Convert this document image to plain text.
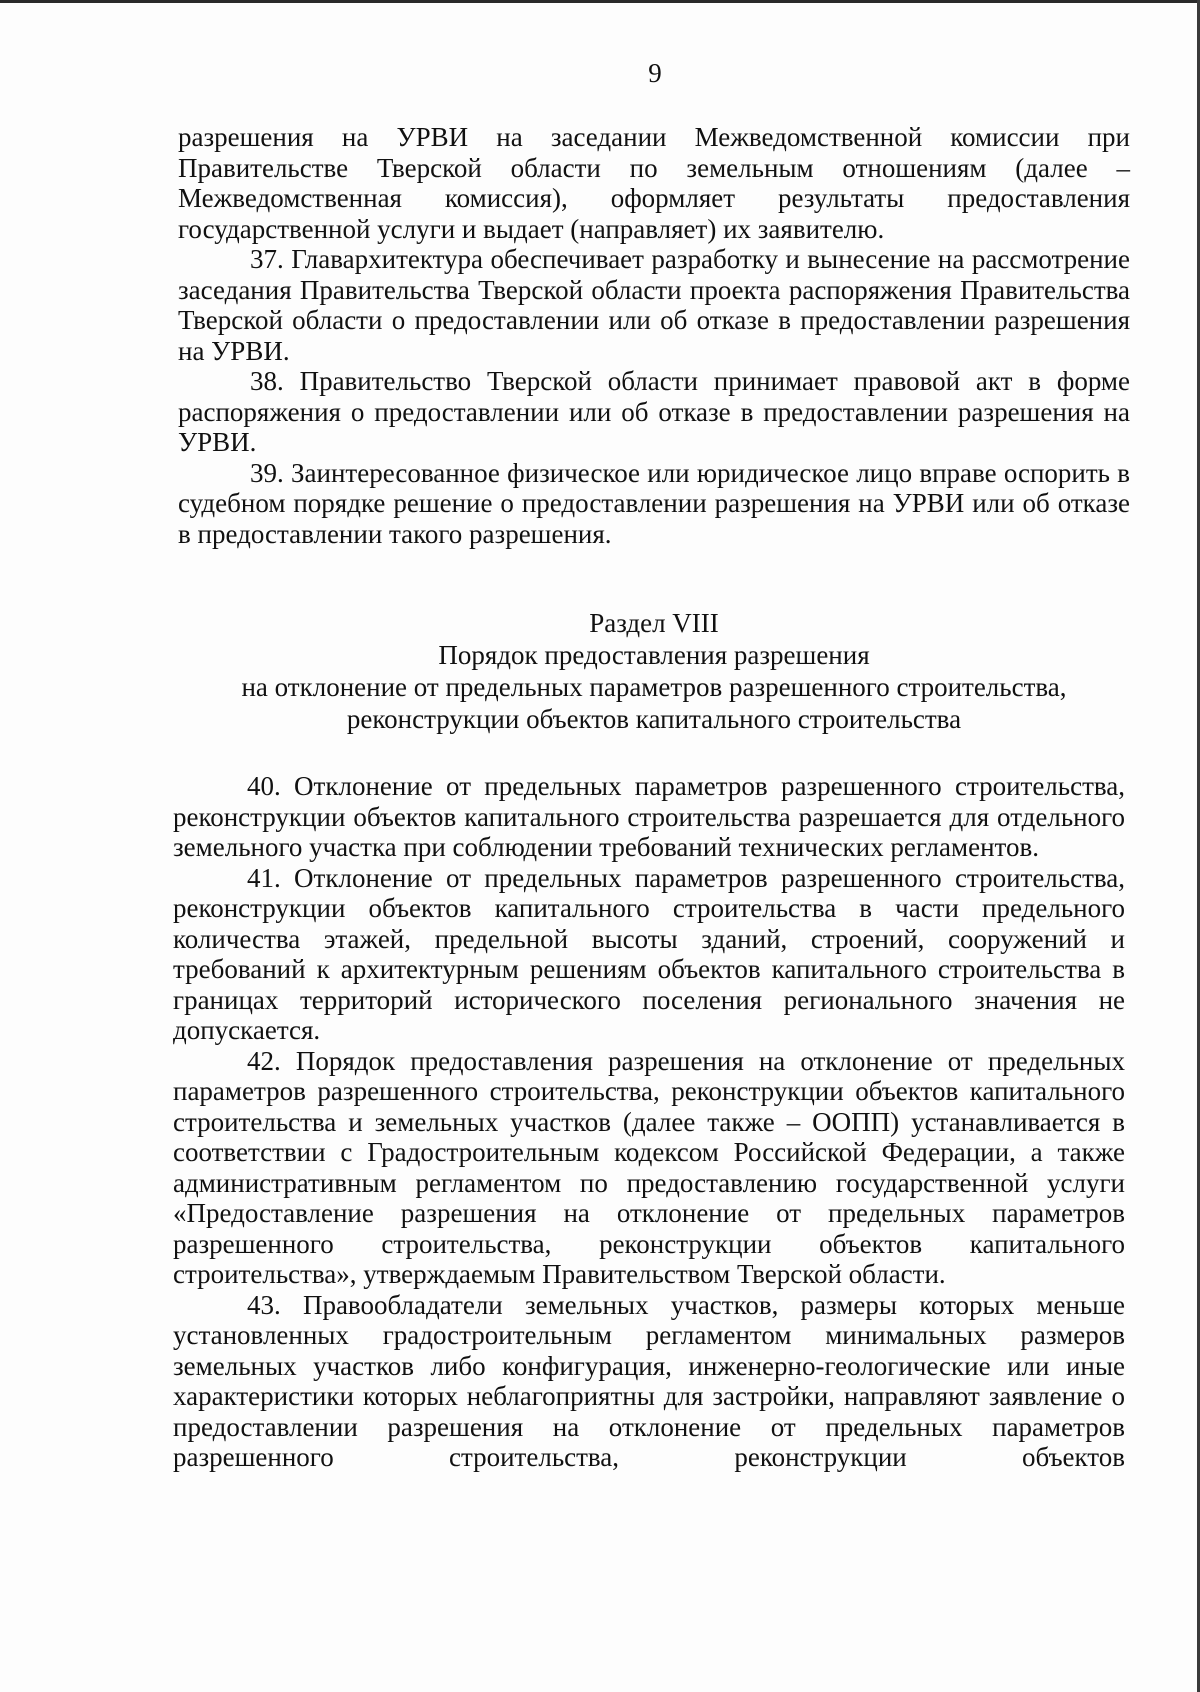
9

разрешения на УРВИ на заседании Межведомственной комиссии при Правительстве Тверской области по земельным отношениям (далее – Межведомственная комиссия), оформляет результаты предоставления государственной услуги и выдает (направляет) их заявителю.

37. Главархитектура обеспечивает разработку и вынесение на рассмотрение заседания Правительства Тверской области проекта распоряжения Правительства Тверской области о предоставлении или об отказе в предоставлении разрешения на УРВИ.

38. Правительство Тверской области принимает правовой акт в форме распоряжения о предоставлении или об отказе в предоставлении разрешения на УРВИ.

39. Заинтересованное физическое или юридическое лицо вправе оспорить в судебном порядке решение о предоставлении разрешения на УРВИ или об отказе в предоставлении такого разрешения.

Раздел VIII
Порядок предоставления разрешения
на отклонение от предельных параметров разрешенного строительства,
реконструкции объектов капитального строительства

40. Отклонение от предельных параметров разрешенного строительства, реконструкции объектов капитального строительства разрешается для отдельного земельного участка при соблюдении требований технических регламентов.

41. Отклонение от предельных параметров разрешенного строительства, реконструкции объектов капитального строительства в части предельного количества этажей, предельной высоты зданий, строений, сооружений и требований к архитектурным решениям объектов капитального строительства в границах территорий исторического поселения регионального значения не допускается.

42. Порядок предоставления разрешения на отклонение от предельных параметров разрешенного строительства, реконструкции объектов капитального строительства и земельных участков (далее также – ООПП) устанавливается в соответствии с Градостроительным кодексом Российской Федерации, а также административным регламентом по предоставлению государственной услуги «Предоставление разрешения на отклонение от предельных параметров разрешенного строительства, реконструкции объектов капитального строительства», утверждаемым Правительством Тверской области.

43. Правообладатели земельных участков, размеры которых меньше установленных градостроительным регламентом минимальных размеров земельных участков либо конфигурация, инженерно-геологические или иные характеристики которых неблагоприятны для застройки, направляют заявление о предоставлении разрешения на отклонение от предельных параметров разрешенного строительства, реконструкции объектов
